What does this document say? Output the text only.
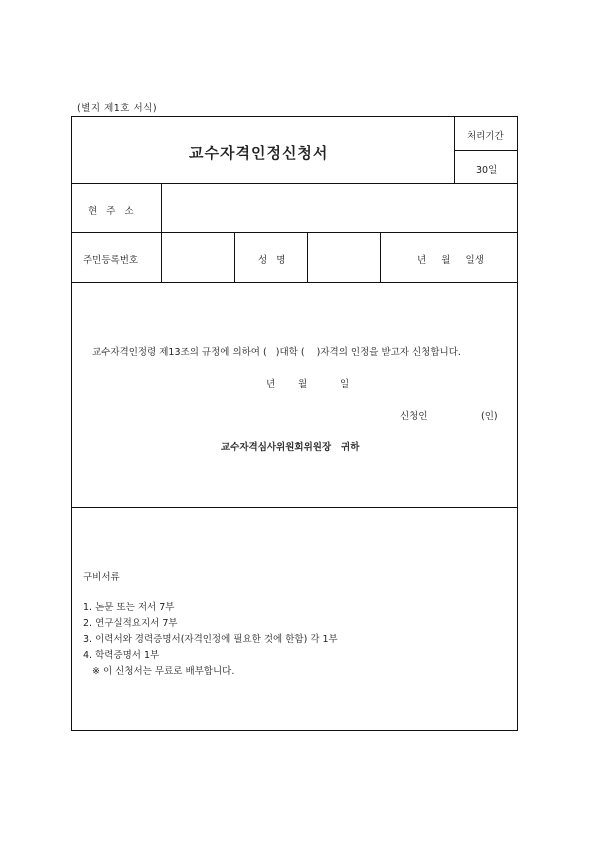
(별지 제1호 서식)
교수자격인정신청서
처리기간
30일
현   주   소
주민등록번호	성   명	년     월     일생
교수자격인정령 제13조의 규정에 의하여 (   )대학 (    )자격의 인정을 받고자 신청합니다.
년 월	일
신청인	(인)
교수자격심사위원회위원장   귀하
구비서류
1. 논문 또는 저서 7부
2. 연구실적요지서 7부
3. 이력서와 경력증명서(자격인정에 필요한 것에 한함) 각 1부
4. 학력증명서 1부
※ 이 신청서는 무료로 배부합니다.
